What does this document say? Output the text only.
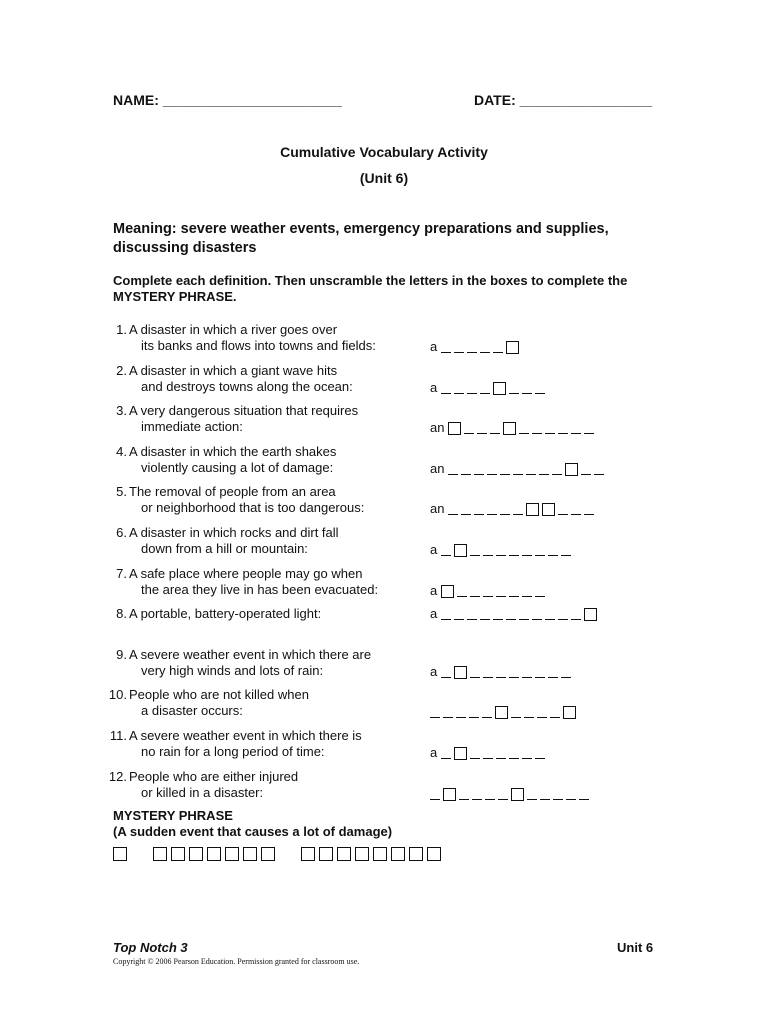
NAME: _______________________	DATE: _________________
Cumulative Vocabulary Activity
(Unit 6)
Meaning: severe weather events, emergency preparations and supplies, discussing disasters
Complete each definition. Then unscramble the letters in the boxes to complete the MYSTERY PHRASE.
1. A disaster in which a river goes over
its banks and flows into towns and fields:	a
2. A disaster in which a giant wave hits
and destroys towns along the ocean:	a
3. A very dangerous situation that requires
immediate action:	an
4. A disaster in which the earth shakes
violently causing a lot of damage:	an
5. The removal of people from an area
or neighborhood that is too dangerous:	an
6. A disaster in which rocks and dirt fall
down from a hill or mountain:	a
7. A safe place where people may go when
the area they live in has been evacuated:	a
8. A portable, battery-operated light:	a
9. A severe weather event in which there are
very high winds and lots of rain:	a
10. People who are not killed when
a disaster occurs:
11. A severe weather event in which there is
no rain for a long period of time:	a
12. People who are either injured
or killed in a disaster:
MYSTERY PHRASE
(A sudden event that causes a lot of damage)
Top Notch 3	Unit 6
Copyright © 2006 Pearson Education. Permission granted for classroom use.
